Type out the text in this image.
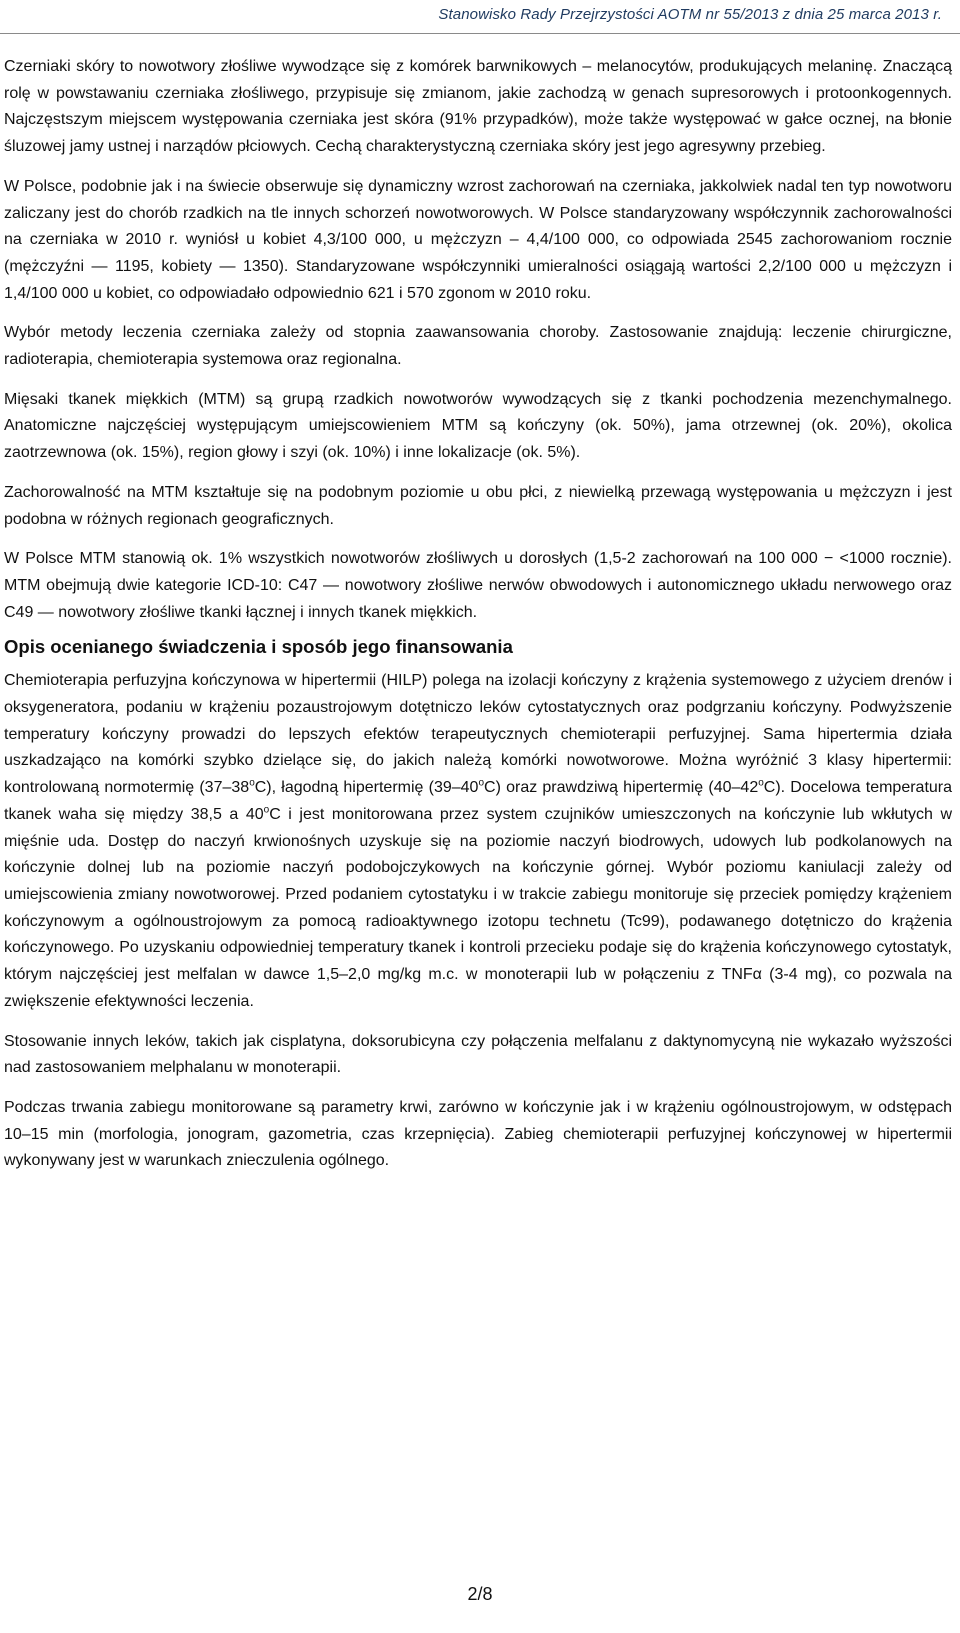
Stanowisko Rady Przejrzystości AOTM nr 55/2013 z dnia 25 marca 2013 r.

Czerniaki skóry to nowotwory złośliwe wywodzące się z komórek barwnikowych – melanocytów, produkujących melaninę. Znaczącą rolę w powstawaniu czerniaka złośliwego, przypisuje się zmianom, jakie zachodzą w genach supresorowych i protoonkogennych. Najczęstszym miejscem występowania czerniaka jest skóra (91% przypadków), może także występować w gałce ocznej, na błonie śluzowej jamy ustnej i narządów płciowych. Cechą charakterystyczną czerniaka skóry jest jego agresywny przebieg.

W Polsce, podobnie jak i na świecie obserwuje się dynamiczny wzrost zachorowań na czerniaka, jakkolwiek nadal ten typ nowotworu zaliczany jest do chorób rzadkich na tle innych schorzeń nowotworowych. W Polsce standaryzowany współczynnik zachorowalności na czerniaka w 2010 r. wyniósł u kobiet 4,3/100 000, u mężczyzn – 4,4/100 000, co odpowiada 2545 zachorowaniom rocznie (mężczyźni — 1195, kobiety — 1350). Standaryzowane współczynniki umieralności osiągają wartości 2,2/100 000 u mężczyzn i 1,4/100 000 u kobiet, co odpowiadało odpowiednio 621 i 570 zgonom w 2010 roku.

Wybór metody leczenia czerniaka zależy od stopnia zaawansowania choroby. Zastosowanie znajdują: leczenie chirurgiczne, radioterapia, chemioterapia systemowa oraz regionalna.

Mięsaki tkanek miękkich (MTM) są grupą rzadkich nowotworów wywodzących się z tkanki pochodzenia mezenchymalnego. Anatomiczne najczęściej występującym umiejscowieniem MTM są kończyny (ok. 50%), jama otrzewnej (ok. 20%), okolica zaotrzewnowa (ok. 15%), region głowy i szyi (ok. 10%) i inne lokalizacje (ok. 5%).

Zachorowalność na MTM kształtuje się na podobnym poziomie u obu płci, z niewielką przewagą występowania u mężczyzn i jest podobna w różnych regionach geograficznych.

W Polsce MTM stanowią ok. 1% wszystkich nowotworów złośliwych u dorosłych (1,5-2 zachorowań na 100 000 − <1000 rocznie). MTM obejmują dwie kategorie ICD-10: C47 — nowotwory złośliwe nerwów obwodowych i autonomicznego układu nerwowego oraz C49 — nowotwory złośliwe tkanki łącznej i innych tkanek miękkich.

Opis ocenianego świadczenia i sposób jego finansowania

Chemioterapia perfuzyjna kończynowa w hipertermii (HILP) polega na izolacji kończyny z krążenia systemowego z użyciem drenów i oksygeneratora, podaniu w krążeniu pozaustrojowym dotętniczo leków cytostatycznych oraz podgrzaniu kończyny. Podwyższenie temperatury kończyny prowadzi do lepszych efektów terapeutycznych chemioterapii perfuzyjnej. Sama hipertermia działa uszkadzająco na komórki szybko dzielące się, do jakich należą komórki nowotworowe. Można wyróżnić 3 klasy hipertermii: kontrolowaną normotermię (37–38$^o$C), łagodną hipertermię (39–40$^o$C) oraz prawdziwą hipertermię (40–42$^o$C). Docelowa temperatura tkanek waha się między 38,5 a 40$^o$C i jest monitorowana przez system czujników umieszczonych na kończynie lub wkłutych w mięśnie uda. Dostęp do naczyń krwionośnych uzyskuje się na poziomie naczyń biodrowych, udowych lub podkolanowych na kończynie dolnej lub na poziomie naczyń podobojczykowych na kończynie górnej. Wybór poziomu kaniulacji zależy od umiejscowienia zmiany nowotworowej. Przed podaniem cytostatyku i w trakcie zabiegu monitoruje się przeciek pomiędzy krążeniem kończynowym a ogólnoustrojowym za pomocą radioaktywnego izotopu technetu (Tc99), podawanego dotętniczo do krążenia kończynowego. Po uzyskaniu odpowiedniej temperatury tkanek i kontroli przecieku podaje się do krążenia kończynowego cytostatyk, którym najczęściej jest melfalan w dawce 1,5–2,0 mg/kg m.c. w monoterapii lub w połączeniu z TNFα (3-4 mg), co pozwala na zwiększenie efektywności leczenia.

Stosowanie innych leków, takich jak cisplatyna, doksorubicyna czy połączenia melfalanu z daktynomycyną nie wykazało wyższości nad zastosowaniem melphalanu w monoterapii.

Podczas trwania zabiegu monitorowane są parametry krwi, zarówno w kończynie jak i w krążeniu ogólnoustrojowym, w odstępach 10–15 min (morfologia, jonogram, gazometria, czas krzepnięcia). Zabieg chemioterapii perfuzyjnej kończynowej w hipertermii wykonywany jest w warunkach znieczulenia ogólnego.

2/8
